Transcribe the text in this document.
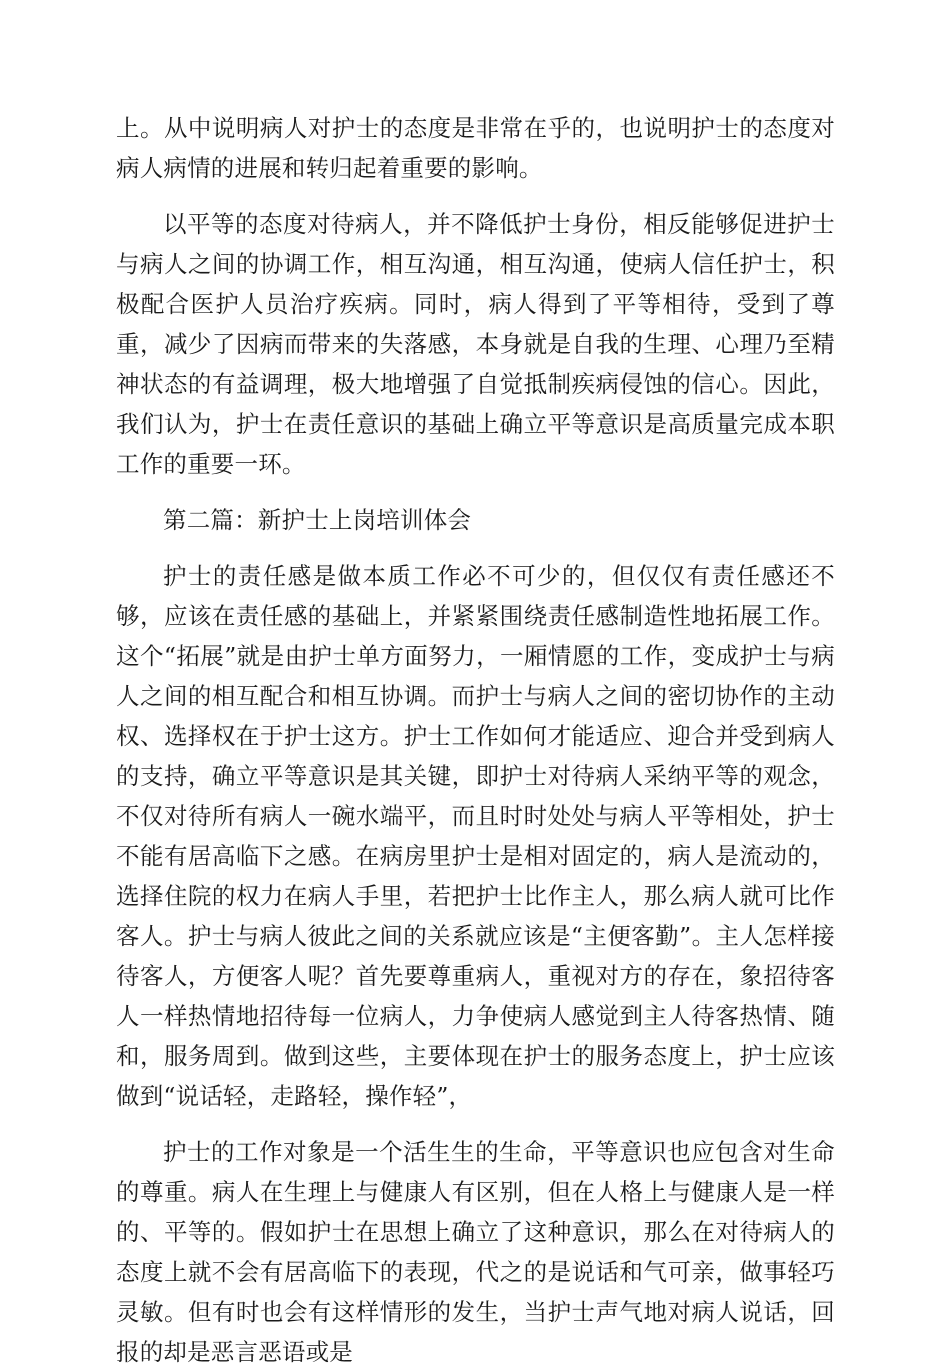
上。从中说明病人对护士的态度是非常在乎的，也说明护士的态度对病人病情的进展和转归起着重要的影响。

以平等的态度对待病人，并不降低护士身份，相反能够促进护士与病人之间的协调工作，相互沟通，相互沟通，使病人信任护士，积极配合医护人员治疗疾病。同时，病人得到了平等相待，受到了尊重，减少了因病而带来的失落感，本身就是自我的生理、心理乃至精神状态的有益调理，极大地增强了自觉抵制疾病侵蚀的信心。因此，我们认为，护士在责任意识的基础上确立平等意识是高质量完成本职工作的重要一环。

第二篇：新护士上岗培训体会

护士的责任感是做本质工作必不可少的，但仅仅有责任感还不够，应该在责任感的基础上，并紧紧围绕责任感制造性地拓展工作。这个“拓展”就是由护士单方面努力，一厢情愿的工作，变成护士与病人之间的相互配合和相互协调。而护士与病人之间的密切协作的主动权、选择权在于护士这方。护士工作如何才能适应、迎合并受到病人的支持，确立平等意识是其关键，即护士对待病人采纳平等的观念，不仅对待所有病人一碗水端平，而且时时处处与病人平等相处，护士不能有居高临下之感。在病房里护士是相对固定的，病人是流动的，选择住院的权力在病人手里，若把护士比作主人，那么病人就可比作客人。护士与病人彼此之间的关系就应该是“主便客勤”。主人怎样接待客人，方便客人呢？首先要尊重病人，重视对方的存在，象招待客人一样热情地招待每一位病人，力争使病人感觉到主人待客热情、随和，服务周到。做到这些，主要体现在护士的服务态度上，护士应该做到“说话轻，走路轻，操作轻”，

护士的工作对象是一个活生生的生命，平等意识也应包含对生命的尊重。病人在生理上与健康人有区别，但在人格上与健康人是一样的、平等的。假如护士在思想上确立了这种意识，那么在对待病人的态度上就不会有居高临下的表现，代之的是说话和气可亲，做事轻巧灵敏。但有时也会有这样情形的发生，当护士声气地对病人说话，回报的却是恶言恶语或是
